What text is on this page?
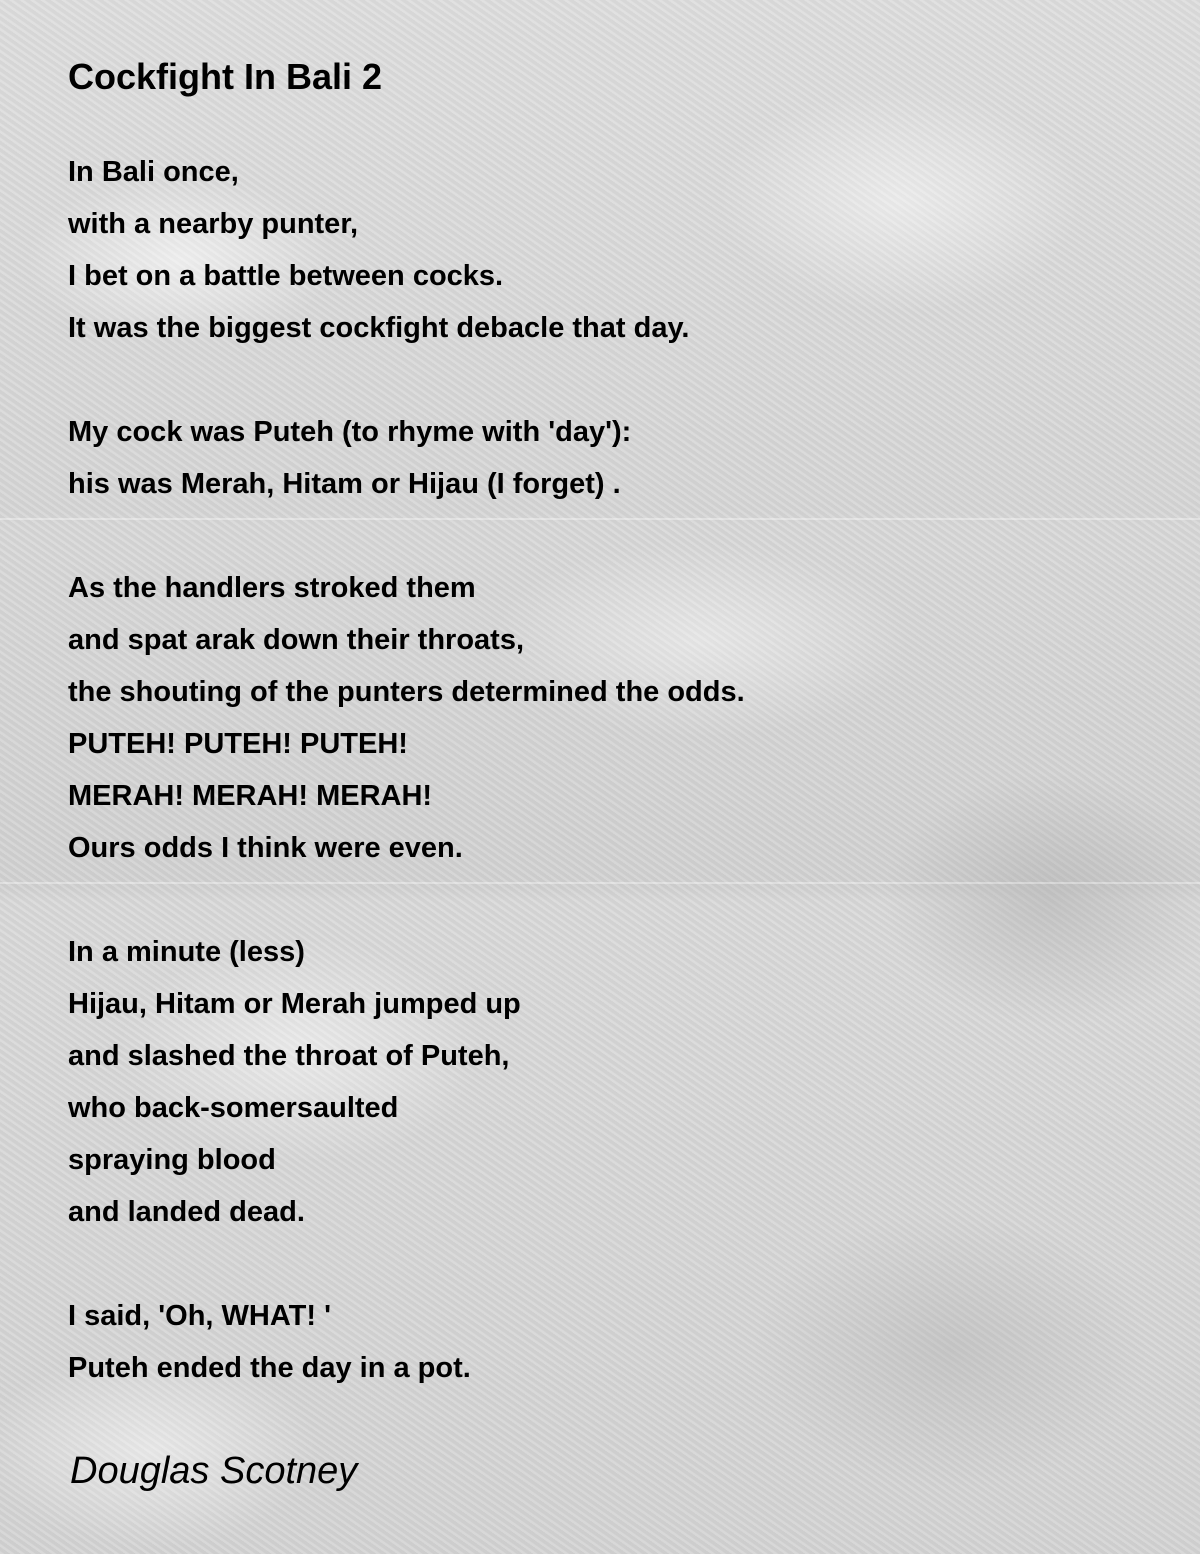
Cockfight In Bali 2

In Bali once,

with a nearby punter,

I bet on a battle between cocks.

It was the biggest cockfight debacle that day.

My cock was Puteh (to rhyme with 'day'):

his was Merah, Hitam or Hijau (I forget) .

As the handlers stroked them

and spat arak down their throats,

the shouting of the punters determined the odds.

PUTEH! PUTEH! PUTEH!

MERAH! MERAH! MERAH!

Ours odds I think were even.

In a minute (less)

Hijau, Hitam or Merah jumped up

and slashed the throat of Puteh,

who back-somersaulted

spraying blood

and landed dead.

I said, 'Oh, WHAT! '

Puteh ended the day in a pot.

Douglas Scotney
